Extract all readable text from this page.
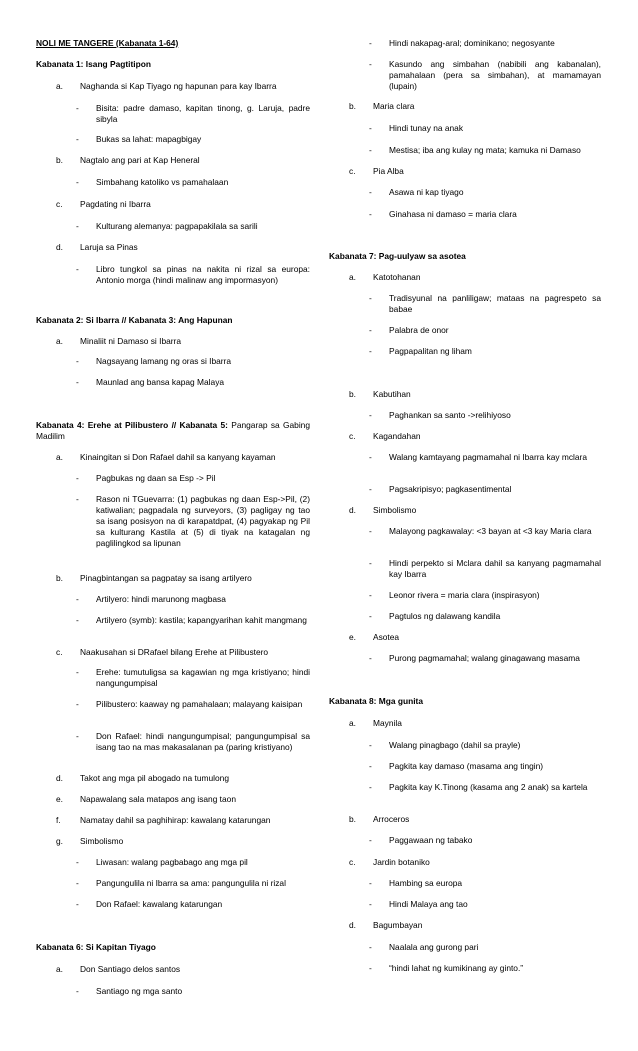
NOLI ME TANGERE (Kabanata 1-64)
Kabanata 1: Isang Pagtitipon
a.	Naghanda si Kap Tiyago ng hapunan para kay Ibarra
- Bisita: padre damaso, kapitan tinong, g. Laruja, padre sibyla
- Bukas sa lahat: mapagbigay
b.	Nagtalo ang pari at Kap Heneral
- Simbahang katoliko vs pamahalaan
c.	Pagdating ni Ibarra
- Kulturang alemanya: pagpapakilala sa sarili
d.	Laruja sa Pinas
- Libro tungkol sa pinas na nakita ni rizal sa europa: Antonio morga (hindi malinaw ang impormasyon)
Kabanata 2: Si Ibarra // Kabanata 3: Ang Hapunan
a.	Minaliit ni Damaso si Ibarra
- Nagsayang lamang ng oras si Ibarra
- Maunlad ang bansa kapag Malaya
Kabanata 4: Erehe at Pilibustero // Kabanata 5: Pangarap sa Gabing Madilim
a.	Kinaingitan si Don Rafael dahil sa kanyang kayaman
- Pagbukas ng daan sa Esp -> Pil
- Rason ni TGuevarra: (1) pagbukas ng daan Esp->Pil, (2) katiwalian; pagpadala ng surveyors, (3) pagligay ng tao sa isang posisyon na di karapatdpat, (4) pagyakap ng Pil sa kulturang Kastila at (5) di tiyak na katagalan ng paglilingkod sa lipunan
b.	Pinagbintangan sa pagpatay sa isang artilyero
- Artilyero: hindi marunong magbasa
- Artilyero (symb): kastila; kapangyarihan kahit mangmang
c.	Naakusahan si DRafael bilang Erehe at Pilibustero
- Erehe: tumutuligsa sa kagawian ng mga kristiyano; hindi nangungumpisal
- Pilibustero: kaaway ng pamahalaan; malayang kaisipan
- Don Rafael: hindi nangungumpisal; pangungumpisal sa isang tao na mas makasalanan pa (paring kristiyano)
d.	Takot ang mga pil abogado na tumulong
e.	Napawalang sala matapos ang isang taon
f.	Namatay dahil sa paghihirap: kawalang katarungan
g.	Simbolismo
- Liwasan: walang pagbabago ang mga pil
- Pangungulila ni Ibarra sa ama: pangungulila ni rizal
- Don Rafael: kawalang katarungan
Kabanata 6: Si Kapitan Tiyago
a.	Don Santiago delos santos
- Santiago ng mga santo
- Hindi nakapag-aral; dominikano; negosyante
- Kasundo ang simbahan (nabibili ang kabanalan), pamahalaan (pera sa simbahan), at mamamayan (lupain)
b.	Maria clara
- Hindi tunay na anak
- Mestisa; iba ang kulay ng mata; kamuka ni Damaso
c.	Pia Alba
- Asawa ni kap tiyago
- Ginahasa ni damaso = maria clara
Kabanata 7: Pag-uulyaw sa asotea
a.	Katotohanan
- Tradisyunal na panliligaw; mataas na pagrespeto sa babae
- Palabra de onor
- Pagpapalitan ng liham
b.	Kabutihan
- Paghankan sa santo ->relihiyoso
c.	Kagandahan
- Walang kamtayang pagmamahal ni Ibarra kay mclara
- Pagsakripisyo; pagkasentimental
d.	Simbolismo
- Malayong pagkawalay: <3 bayan at <3 kay Maria clara
- Hindi perpekto si Mclara dahil sa kanyang pagmamahal kay Ibarra
- Leonor rivera = maria clara (inspirasyon)
- Pagtulos ng dalawang kandila
e.	Asotea
- Purong pagmamahal; walang ginagawang masama
Kabanata 8: Mga gunita
a.	Maynila
- Walang pinagbago (dahil sa prayle)
- Pagkita kay damaso (masama ang tingin)
- Pagkita kay K.Tinong (kasama ang 2 anak) sa kartela
b.	Arroceros
- Paggawaan ng tabako
c.	Jardin botaniko
- Hambing sa europa
- Hindi Malaya ang tao
d.	Bagumbayan
- Naalala ang gurong pari
- “hindi lahat ng kumikinang ay ginto.”
